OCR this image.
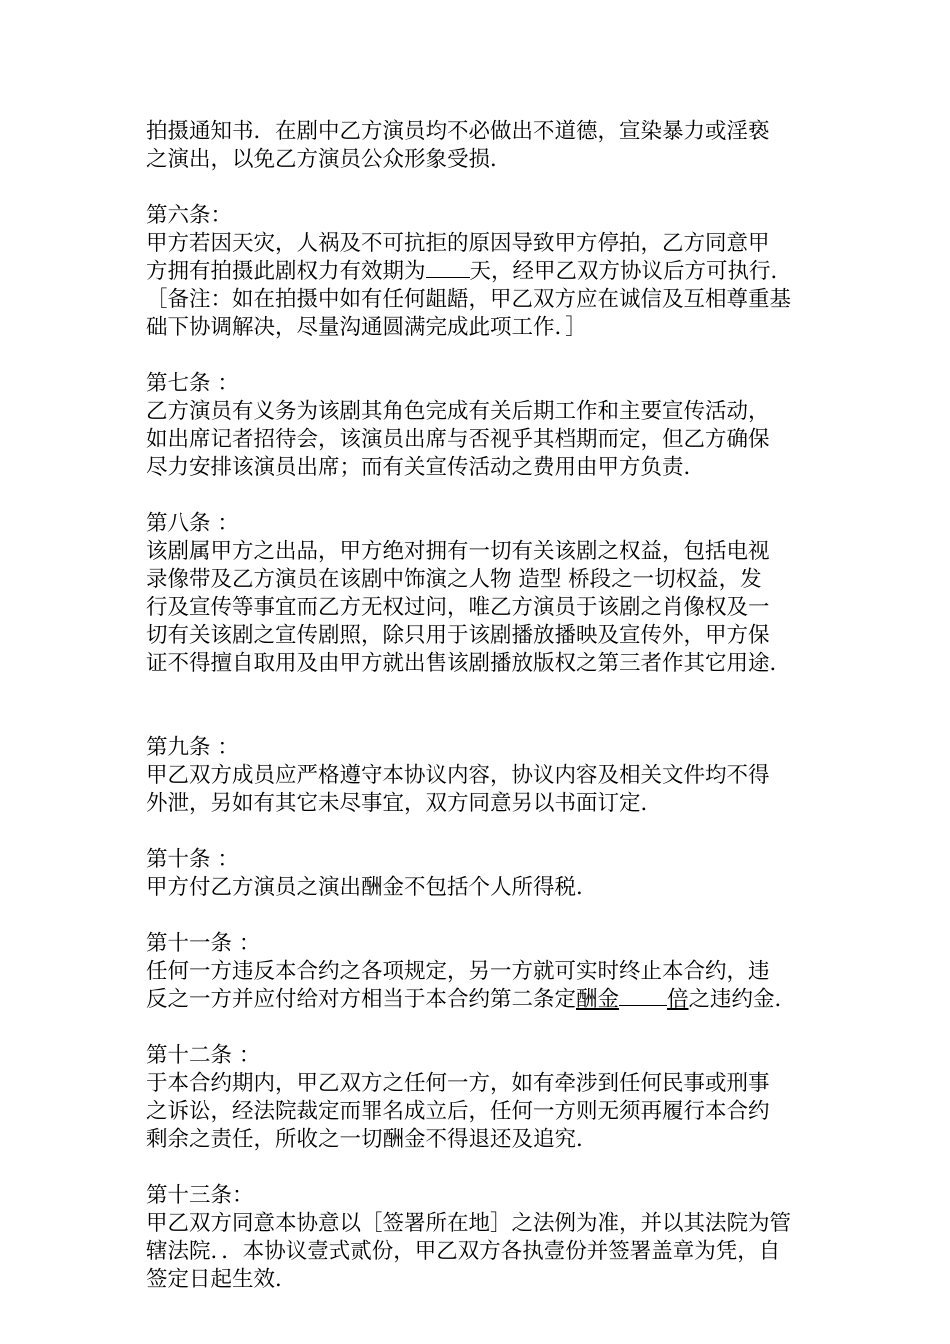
拍摄通知书．在剧中乙方演员均不必做出不道德，宣染暴力或淫亵
之演出，以免乙方演员公众形象受损．
第六条：
甲方若因天灾，人祸及不可抗拒的原因导致甲方停拍，乙方同意甲
方拥有拍摄此剧权力有效期为 天，经甲乙双方协议后方可执行．
［备注：如在拍摄中如有任何龃龉，甲乙双方应在诚信及互相尊重基
础下协调解决，尽量沟通圆满完成此项工作．］
第七条 ：
乙方演员有义务为该剧其角色完成有关后期工作和主要宣传活动，
如出席记者招待会，该演员出席与否视乎其档期而定，但乙方确保
尽力安排该演员出席；而有关宣传活动之费用由甲方负责．
第八条 ：
该剧属甲方之出品，甲方绝对拥有一切有关该剧之权益，包括电视
录像带及乙方演员在该剧中饰演之人物 造型 桥段之一切权益，发
行及宣传等事宜而乙方无权过问，唯乙方演员于该剧之肖像权及一
切有关该剧之宣传剧照，除只用于该剧播放播映及宣传外，甲方保
证不得擅自取用及由甲方就出售该剧播放版权之第三者作其它用途．
第九条 ：
甲乙双方成员应严格遵守本协议内容，协议内容及相关文件均不得
外泄，另如有其它未尽事宜，双方同意另以书面订定．
第十条 ：
甲方付乙方演员之演出酬金不包括个人所得税．
第十一条 ：
任何一方违反本合约之各项规定，另一方就可实时终止本合约，违
反之一方并应付给对方相当于本合约第二条定酬金 倍之违约金．
第十二条 ：
于本合约期内，甲乙双方之任何一方，如有牵涉到任何民事或刑事
之诉讼，经法院裁定而罪名成立后，任何一方则无须再履行本合约
剩余之责任，所收之一切酬金不得退还及追究．
第十三条：
甲乙双方同意本协意以［签署所在地］之法例为准，并以其法院为管
辖法院．．本协议壹式贰份，甲乙双方各执壹份并签署盖章为凭，自
签定日起生效．
